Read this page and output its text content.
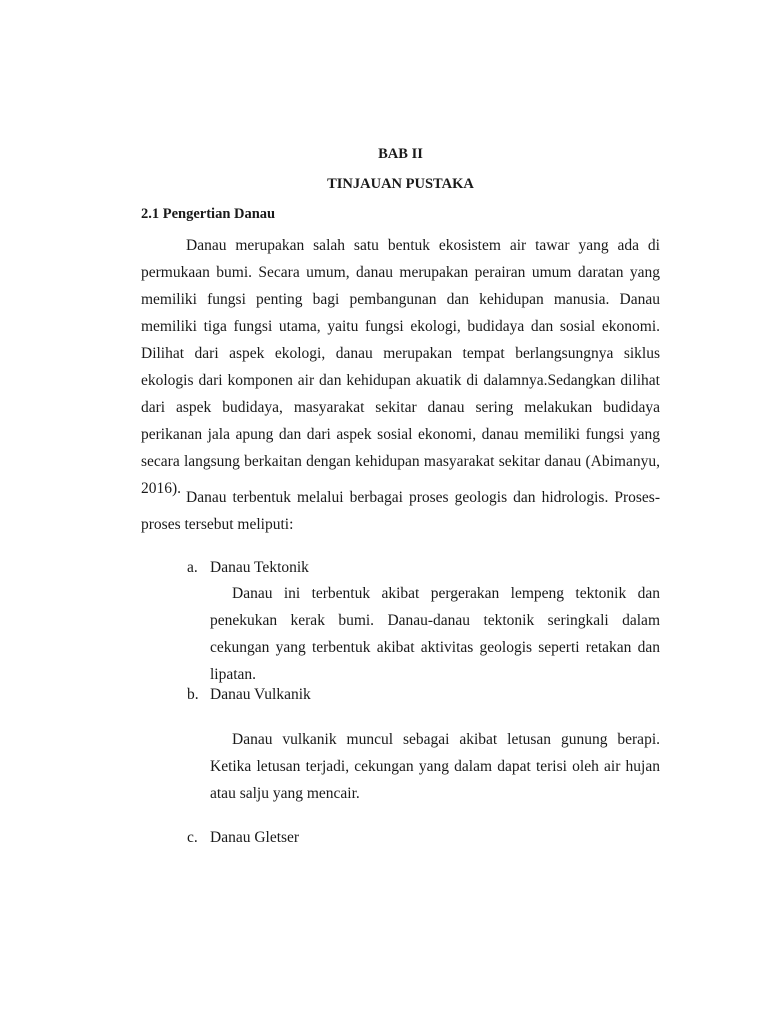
BAB II
TINJAUAN PUSTAKA
2.1 Pengertian Danau

Danau merupakan salah satu bentuk ekosistem air tawar yang ada di permukaan bumi. Secara umum, danau merupakan perairan umum daratan yang memiliki fungsi penting bagi pembangunan dan kehidupan manusia. Danau memiliki tiga fungsi utama, yaitu fungsi ekologi, budidaya dan sosial ekonomi. Dilihat dari aspek ekologi, danau merupakan tempat berlangsungnya siklus ekologis dari komponen air dan kehidupan akuatik di dalamnya.Sedangkan dilihat dari aspek budidaya, masyarakat sekitar danau sering melakukan budidaya perikanan jala apung dan dari aspek sosial ekonomi, danau memiliki fungsi yang secara langsung berkaitan dengan kehidupan masyarakat sekitar danau (Abimanyu, 2016).

Danau terbentuk melalui berbagai proses geologis dan hidrologis. Proses-proses tersebut meliputi:

a. Danau Tektonik

Danau ini terbentuk akibat pergerakan lempeng tektonik dan penekukan kerak bumi. Danau-danau tektonik seringkali dalam cekungan yang terbentuk akibat aktivitas geologis seperti retakan dan lipatan.

b. Danau Vulkanik

Danau vulkanik muncul sebagai akibat letusan gunung berapi. Ketika letusan terjadi, cekungan yang dalam dapat terisi oleh air hujan atau salju yang mencair.

c. Danau Gletser
